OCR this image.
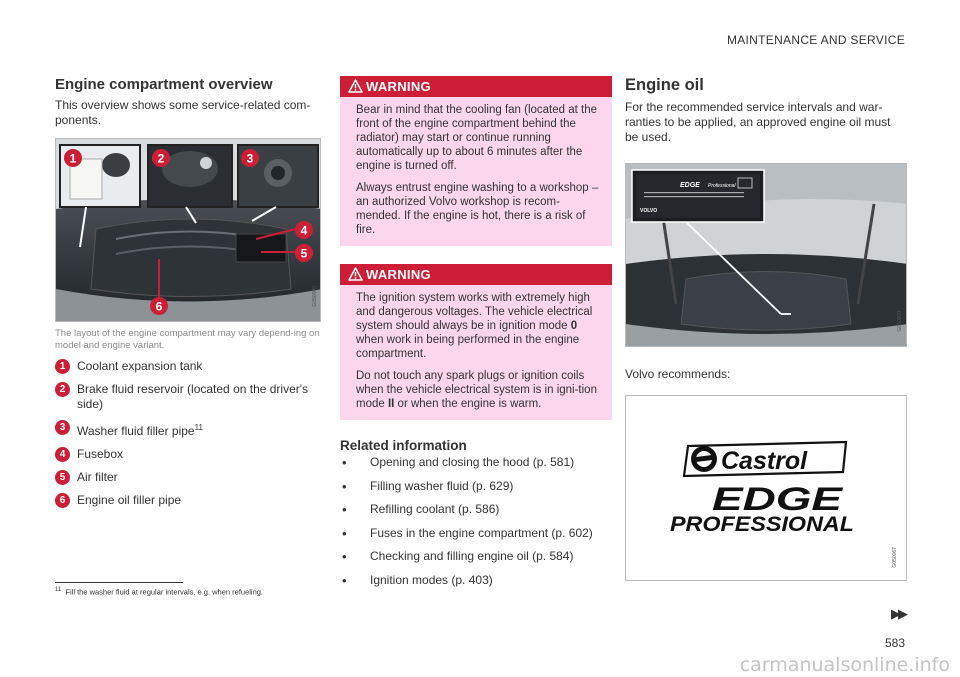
MAINTENANCE AND SERVICE
Engine compartment overview

This overview shows some service-related com-ponents.

1	2	3
4
5
6	G050080

The layout of the engine compartment may vary depend-ing on model and engine variant.

1 Coolant expansion tank
2 Brake fluid reservoir (located on the driver's side)
3 Washer fluid filler pipe$^{11}$
4 Fusebox
5 Air filter
6 Engine oil filler pipe
WARNING

Bear in mind that the cooling fan (located at the front of the engine compartment behind the radiator) may start or continue running automatically up to about 6 minutes after the engine is turned off.

Always entrust engine washing to a workshop – an authorized Volvo workshop is recom-mended. If the engine is hot, there is a risk of fire.

WARNING

The ignition system works with extremely high and dangerous voltages. The vehicle electrical system should always be in ignition mode 0 when work in being performed in the engine compartment.

Do not touch any spark plugs or ignition coils when the vehicle electrical system is in igni-tion mode II or when the engine is warm.

Related information
• Opening and closing the hood (p. 581)
• Filling washer fluid (p. 629)
• Refilling coolant (p. 586)
• Fuses in the engine compartment (p. 602)
• Checking and filling engine oil (p. 584)
• Ignition modes (p. 403)
Engine oil

For the recommended service intervals and war-ranties to be applied, an approved engine oil must be used.

EDGE Professional
VOLVO
G050000

Volvo recommends:

Castrol
EDGE
PROFESSIONAL
G050067
$^{11}$ Fill the washer fluid at regular intervals, e.g. when refueling.
▶▶
583
carmanualsonline.info
